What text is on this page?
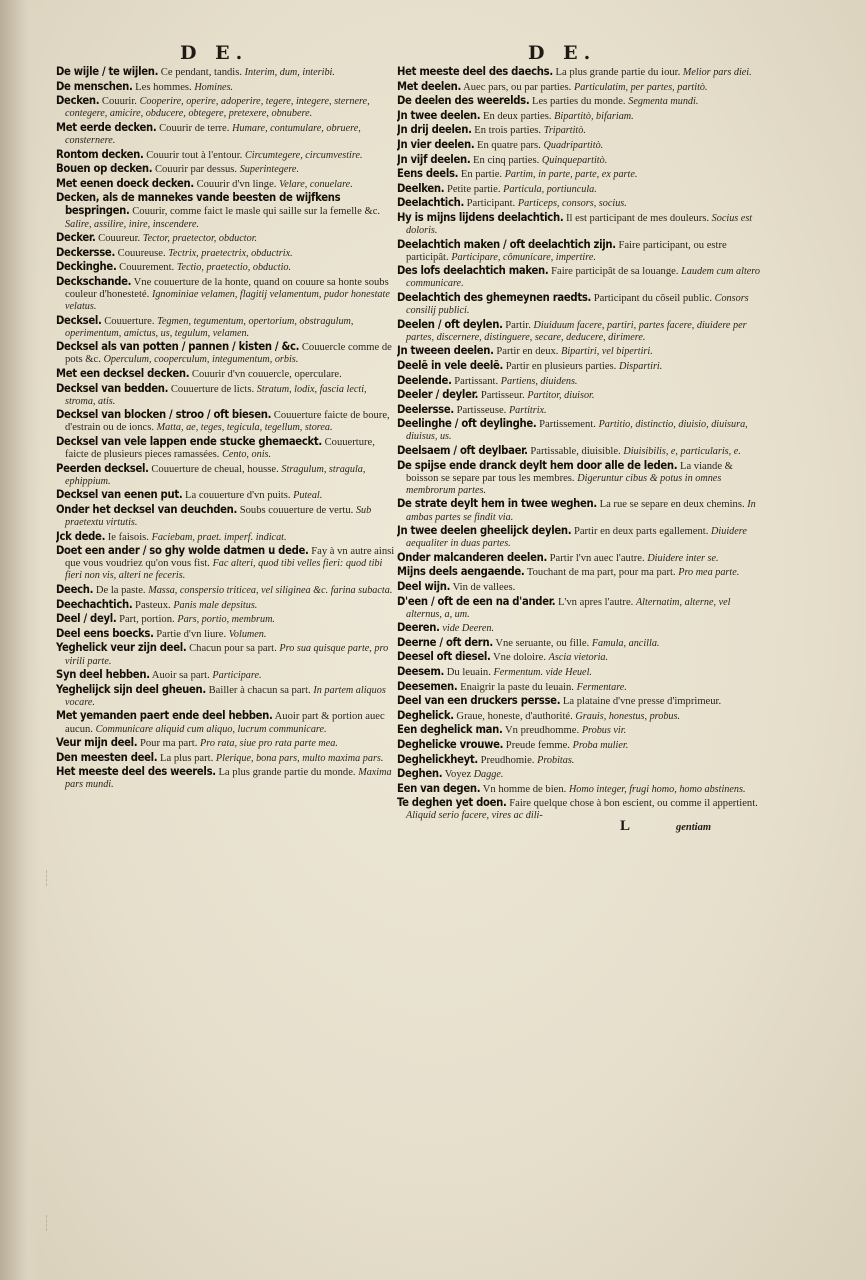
D E.	D E.
De wijle / te wijlen. Ce pendant, tandis. Interim, dum, interibi.
De menschen. Les hommes. Homines.
Decken. Couurir. Cooperire, operire, adoperire, tegere, integere, sternere, contegere, amicire, obducere, obtegere, pretexere, obnubere.
Met eerde decken. Couurir de terre. Humare, contumulare, obruere, consternere.
Rontom decken. Couurir tout à l'entour. Circumtegere, circumvestire.
Bouen op decken. Couurir par dessus. Superintegere.
Met eenen doeck decken. Couurir d'vn linge. Velare, conuelare.
Decken, als de mannekes vande beesten de wijfkens bespringen. Couurir, comme faict le masle qui saille sur la femelle &c. Salire, assilire, inire, inscendere.
Decker. Couureur. Tector, praetector, obductor.
Deckersse. Couureuse. Tectrix, praetectrix, obductrix.
Deckinghe. Couurement. Tectio, praetectio, obductio.
Deckschande. Vne couuerture de la honte, quand on couure sa honte soubs couleur d'honesteté. Ignominiae velamen, flagitij velamentum, pudor honestate velatus.
Decksel. Couuerture. Tegmen, tegumentum, opertorium, obstragulum, operimentum, amictus, us, tegulum, velamen.
Decksel als van potten / pannen / kisten / &c. Couuercle comme de pots &c. Operculum, cooperculum, integumentum, orbis.
Met een decksel decken. Couurir d'vn couuercle, operculare.
Decksel van bedden. Couuerture de licts. Stratum, lodix, fascia lecti, stroma, atis.
Decksel van blocken / stroo / oft biesen. Couuerture faicte de boure, d'estrain ou de ioncs. Matta, ae, teges, tegicula, tegellum, storea.
Decksel van vele lappen ende stucke ghemaeckt. Couuerture, faicte de plusieurs pieces ramassées. Cento, onis.
Peerden decksel. Couuerture de cheual, housse. Stragulum, stragula, ephippium.
Decksel van eenen put. La couuerture d'vn puits. Puteal.
Onder het decksel van deuchden. Soubs couuerture de vertu. Sub praetextu virtutis.
Jck dede. Ie faisois. Faciebam, praet. imperf. indicat.
Doet een ander / so ghy wolde datmen u dede. Fay à vn autre ainsi que vous voudriez qu'on vous fist. Fac alteri, quod tibi velles fieri: quod tibi fieri non vis, alteri ne feceris.
Deech. De la paste. Massa, conspersio triticea, vel siliginea &c. farina subacta.
Deechachtich. Pasteux. Panis male depsitus.
Deel / deyl. Part, portion. Pars, portio, membrum.
Deel eens boecks. Partie d'vn liure. Volumen.
Yeghelick veur zijn deel. Chacun pour sa part. Pro sua quisque parte, pro virili parte.
Syn deel hebben. Auoir sa part. Participare.
Yeghelijck sijn deel gheuen. Bailler à chacun sa part. In partem aliquos vocare.
Met yemanden paert ende deel hebben. Auoir part & portion auec aucun. Communicare aliquid cum aliquo, lucrum communicare.
Veur mijn deel. Pour ma part. Pro rata, siue pro rata parte mea.
Den meesten deel. La plus part. Plerique, bona pars, multo maxima pars.
Het meeste deel des weerels. La plus grande partie du monde. Maxima pars mundi.
Het meeste deel des daechs. La plus grande partie du iour. Melior pars diei.
Met deelen. Auec pars, ou par parties. Particulatim, per partes, partitò.
De deelen des weerelds. Les parties du monde. Segmenta mundi.
Jn twee deelen. En deux parties. Bipartitò, bifariam.
Jn drij deelen. En trois parties. Tripartitò.
Jn vier deelen. En quatre pars. Quadripartitò.
Jn vijf deelen. En cinq parties. Quinquepartitò.
Eens deels. En partie. Partim, in parte, parte, ex parte.
Deelken. Petite partie. Particula, portiuncula.
Deelachtich. Participant. Particeps, consors, socius.
Hy is mijns lijdens deelachtich. Il est participant de mes douleurs. Socius est doloris.
Deelachtich maken / oft deelachtich zijn. Faire participant, ou estre participât. Participare, cômunicare, impertire.
Des lofs deelachtich maken. Faire participât de sa louange. Laudem cum altero communicare.
Deelachtich des ghemeynen raedts. Participant du cõseil public. Consors consilij publici.
Deelen / oft deylen. Partir. Diuiduum facere, partiri, partes facere, diuidere per partes, discernere, distinguere, secare, deducere, dirimere.
Jn tweeen deelen. Partir en deux. Bipartiri, vel bipertiri.
Deelẽ in vele deelẽ. Partir en plusieurs parties. Dispartiri.
Deelende. Partissant. Partiens, diuidens.
Deeler / deyler. Partisseur. Partitor, diuisor.
Deelersse. Partisseuse. Partitrix.
Deelinghe / oft deylinghe. Partissement. Partitio, distinctio, diuisio, diuisura, diuisus, us.
Deelsaem / oft deylbaer. Partissable, diuisible. Diuisibilis, e, particularis, e.
De spijse ende dranck deylt hem door alle de leden. La viande & boisson se separe par tous les membres. Digeruntur cibus & potus in omnes membrorum partes.
De strate deylt hem in twee weghen. La rue se separe en deux chemins. In ambas partes se findit via.
Jn twee deelen gheelijck deylen. Partir en deux parts egallement. Diuidere aequaliter in duas partes.
Onder malcanderen deelen. Partir l'vn auec l'autre. Diuidere inter se.
Mijns deels aengaende. Touchant de ma part, pour ma part. Pro mea parte.
Deel wijn. Vin de vallees.
D'een / oft de een na d'ander. L'vn apres l'autre. Alternatim, alterne, vel alternus, a, um.
Deeren. vide Deeren.
Deerne / oft dern. Vne seruante, ou fille. Famula, ancilla.
Deesel oft diesel. Vne doloire. Ascia vietoria.
Deesem. Du leuain. Fermentum. vide Heuel.
Deesemen. Enaigrir la paste du leuain. Fermentare.
Deel van een druckers persse. La plataine d'vne presse d'imprimeur.
Deghelick. Graue, honeste, d'authorité. Grauis, honestus, probus.
Een deghelick man. Vn preudhomme. Probus vir.
Deghelicke vrouwe. Preude femme. Proba mulier.
Deghelickheyt. Preudhomie. Probitas.
Deghen. Voyez Dagge.
Een van degen. Vn homme de bien. Homo integer, frugi homo, homo abstinens.
Te deghen yet doen. Faire quelque chose à bon escient, ou comme il appertient. Aliquid serio facere, vires ac dili-
L	gentiam
